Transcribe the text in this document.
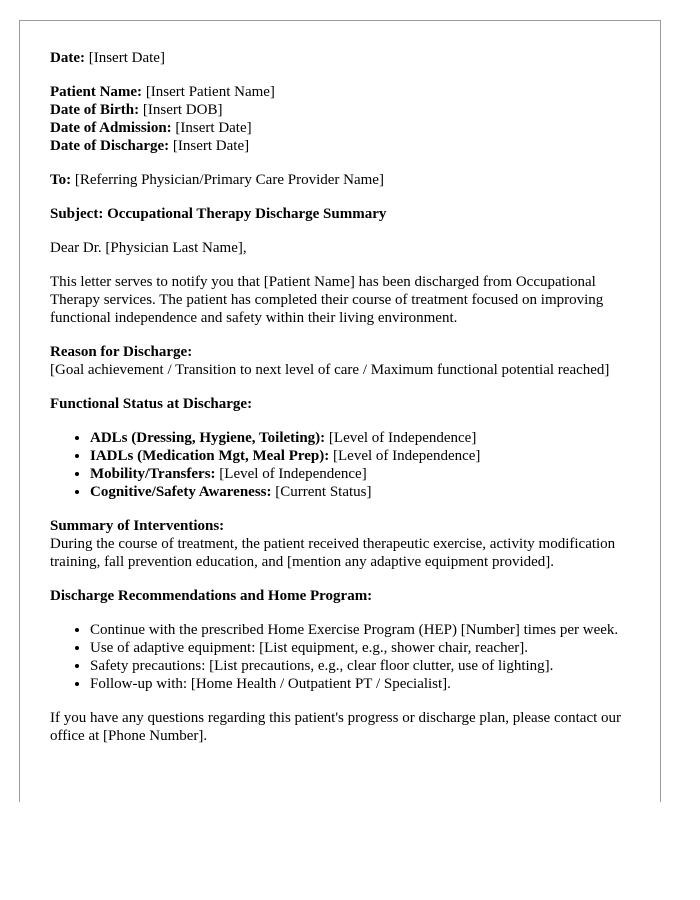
Date: [Insert Date]

Patient Name: [Insert Patient Name]
Date of Birth: [Insert DOB]
Date of Admission: [Insert Date]
Date of Discharge: [Insert Date]

To: [Referring Physician/Primary Care Provider Name]

Subject: Occupational Therapy Discharge Summary

Dear Dr. [Physician Last Name],

This letter serves to notify you that [Patient Name] has been discharged from Occupational Therapy services. The patient has completed their course of treatment focused on improving functional independence and safety within their living environment.

Reason for Discharge:
[Goal achievement / Transition to next level of care / Maximum functional potential reached]

Functional Status at Discharge:

• ADLs (Dressing, Hygiene, Toileting): [Level of Independence]
• IADLs (Medication Mgt, Meal Prep): [Level of Independence]
• Mobility/Transfers: [Level of Independence]
• Cognitive/Safety Awareness: [Current Status]

Summary of Interventions:
During the course of treatment, the patient received therapeutic exercise, activity modification training, fall prevention education, and [mention any adaptive equipment provided].

Discharge Recommendations and Home Program:

• Continue with the prescribed Home Exercise Program (HEP) [Number] times per week.
• Use of adaptive equipment: [List equipment, e.g., shower chair, reacher].
• Safety precautions: [List precautions, e.g., clear floor clutter, use of lighting].
• Follow-up with: [Home Health / Outpatient PT / Specialist].

If you have any questions regarding this patient's progress or discharge plan, please contact our office at [Phone Number].
